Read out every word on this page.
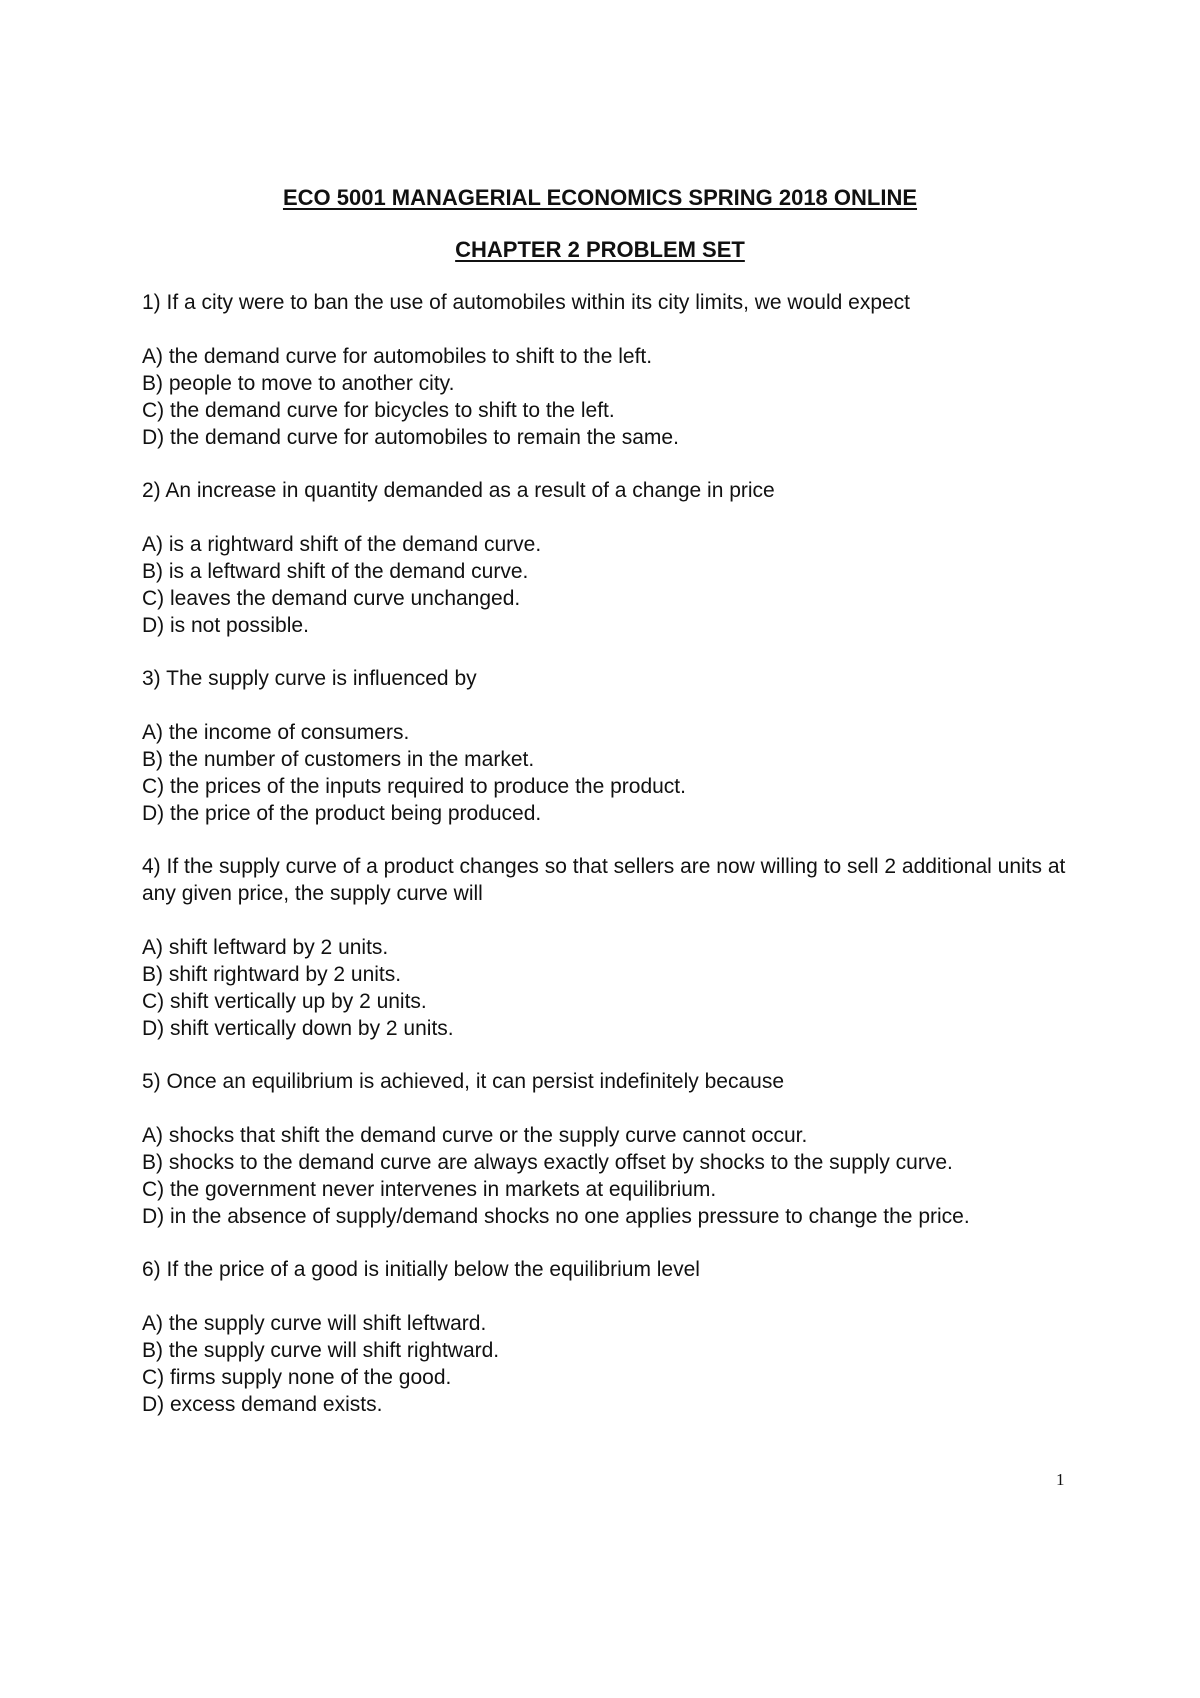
ECO 5001 MANAGERIAL ECONOMICS SPRING 2018 ONLINE
CHAPTER 2 PROBLEM SET

1) If a city were to ban the use of automobiles within its city limits, we would expect

A) the demand curve for automobiles to shift to the left.
B) people to move to another city.
C) the demand curve for bicycles to shift to the left.
D) the demand curve for automobiles to remain the same.

2) An increase in quantity demanded as a result of a change in price

A) is a rightward shift of the demand curve.
B) is a leftward shift of the demand curve.
C) leaves the demand curve unchanged.
D) is not possible.

3) The supply curve is influenced by

A) the income of consumers.
B) the number of customers in the market.
C) the prices of the inputs required to produce the product.
D) the price of the product being produced.

4) If the supply curve of a product changes so that sellers are now willing to sell 2 additional units at any given price, the supply curve will

A) shift leftward by 2 units.
B) shift rightward by 2 units.
C) shift vertically up by 2 units.
D) shift vertically down by 2 units.

5) Once an equilibrium is achieved, it can persist indefinitely because

A) shocks that shift the demand curve or the supply curve cannot occur.
B) shocks to the demand curve are always exactly offset by shocks to the supply curve.
C) the government never intervenes in markets at equilibrium.
D) in the absence of supply/demand shocks no one applies pressure to change the price.

6) If the price of a good is initially below the equilibrium level

A) the supply curve will shift leftward.
B) the supply curve will shift rightward.
C) firms supply none of the good.
D) excess demand exists.
1
